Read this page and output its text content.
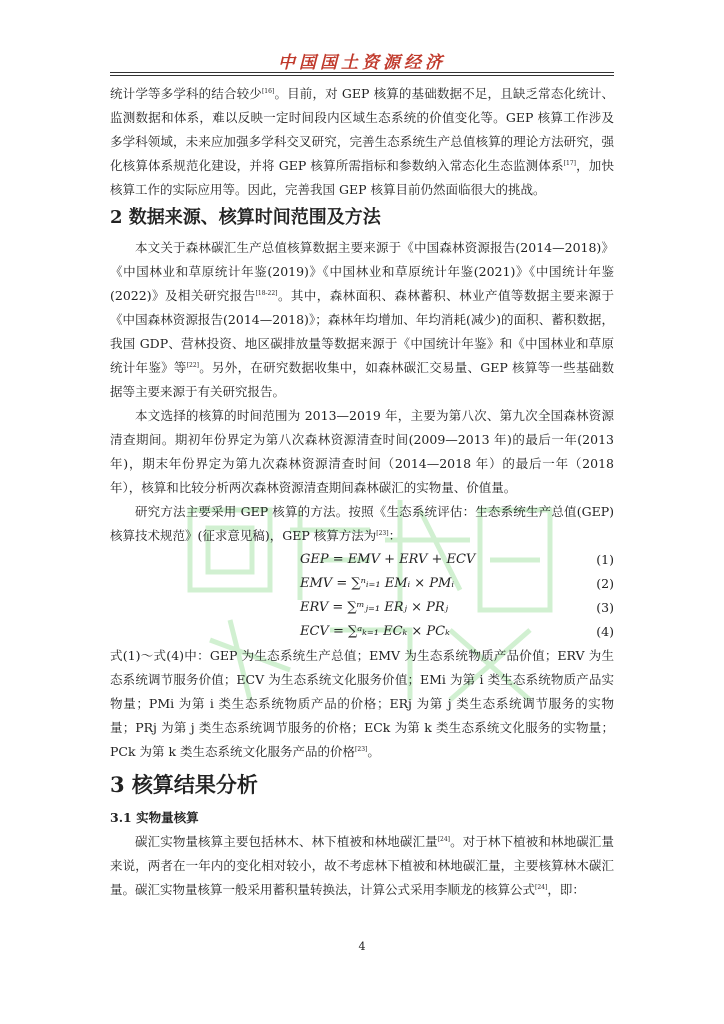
中国国土资源经济

统计学等多学科的结合较少[16]。目前，对 GEP 核算的基础数据不足，且缺乏常态化统计、监测数据和体系，难以反映一定时间段内区域生态系统的价值变化等。GEP 核算工作涉及多学科领域，未来应加强多学科交叉研究，完善生态系统生产总值核算的理论方法研究，强化核算体系规范化建设，并将 GEP 核算所需指标和参数纳入常态化生态监测体系[17]，加快核算工作的实际应用等。因此，完善我国 GEP 核算目前仍然面临很大的挑战。

2 数据来源、核算时间范围及方法

本文关于森林碳汇生产总值核算数据主要来源于《中国森林资源报告(2014—2018)》《中国林业和草原统计年鉴(2019)》《中国林业和草原统计年鉴(2021)》《中国统计年鉴(2022)》及相关研究报告[18-22]。其中，森林面积、森林蓄积、林业产值等数据主要来源于《中国森林资源报告(2014—2018)》；森林年均增加、年均消耗(减少)的面积、蓄积数据，我国 GDP、营林投资、地区碳排放量等数据来源于《中国统计年鉴》和《中国林业和草原统计年鉴》等[22]。另外，在研究数据收集中，如森林碳汇交易量、GEP 核算等一些基础数据等主要来源于有关研究报告。

本文选择的核算的时间范围为 2013—2019 年，主要为第八次、第九次全国森林资源清查期间。期初年份界定为第八次森林资源清查时间(2009—2013 年)的最后一年(2013 年)，期末年份界定为第九次森林资源清查时间（2014—2018 年）的最后一年（2018 年），核算和比较分析两次森林资源清查期间森林碳汇的实物量、价值量。

研究方法主要采用 GEP 核算的方法。按照《生态系统评估：生态系统生产总值(GEP)核算技术规范》(征求意见稿)，GEP 核算方法为[23]：

GEP = EMV + ERV + ECV	(1)
EMV = ∑ⁿᵢ₌₁ EMᵢ × PMᵢ	(2)
ERV = ∑ᵐⱼ₌₁ ERⱼ × PRⱼ	(3)
ECV = ∑ᵃₖ₌₁ ECₖ × PCₖ	(4)

式(1)～式(4)中：GEP 为生态系统生产总值；EMV 为生态系统物质产品价值；ERV 为生态系统调节服务价值；ECV 为生态系统文化服务价值；EMi 为第 i 类生态系统物质产品实物量；PMi 为第 i 类生态系统物质产品的价格；ERj 为第 j 类生态系统调节服务的实物量；PRj 为第 j 类生态系统调节服务的价格；ECk 为第 k 类生态系统文化服务的实物量；PCk 为第 k 类生态系统文化服务产品的价格[23]。

3 核算结果分析
3.1 实物量核算

碳汇实物量核算主要包括林木、林下植被和林地碳汇量[24]。对于林下植被和林地碳汇量来说，两者在一年内的变化相对较小，故不考虑林下植被和林地碳汇量，主要核算林木碳汇量。碳汇实物量核算一般采用蓄积量转换法，计算公式采用李顺龙的核算公式[24]，即：

4
